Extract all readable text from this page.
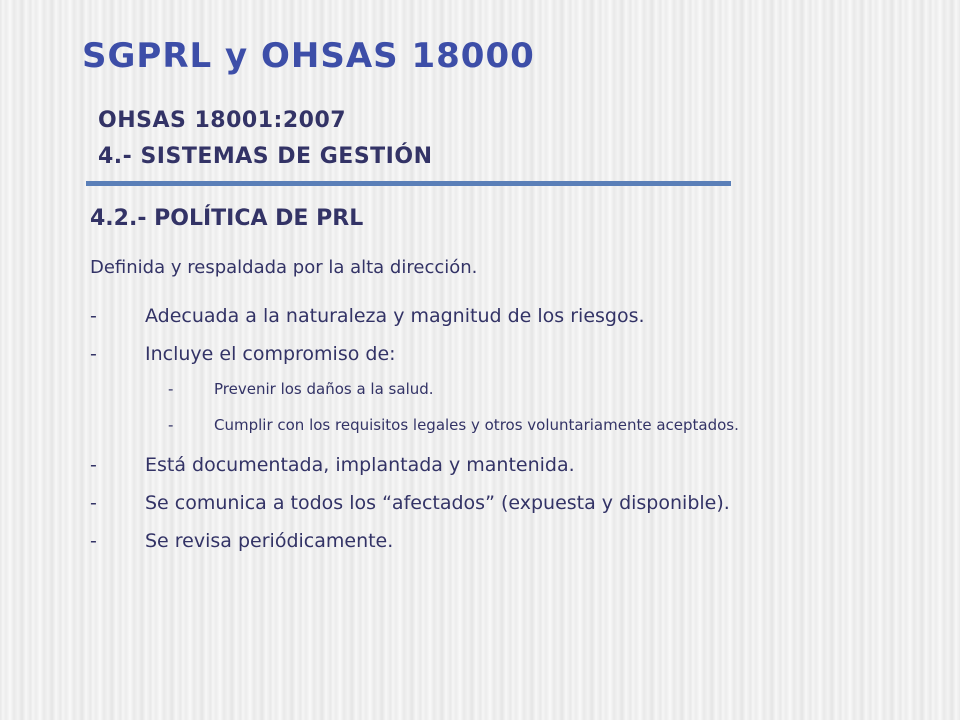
SGPRL y OHSAS 18000
OHSAS 18001:2007
4.- SISTEMAS DE GESTIÓN
4.2.- POLÍTICA DE PRL
Definida y respaldada por la alta dirección.
-	Adecuada a la naturaleza y magnitud de los riesgos.
-	Incluye el compromiso de:
-	Prevenir los daños a la salud.
-	Cumplir con los requisitos legales y otros voluntariamente aceptados.
-	Está documentada, implantada y mantenida.
-	Se comunica a todos los “afectados” (expuesta y disponible).
-	Se revisa periódicamente.
